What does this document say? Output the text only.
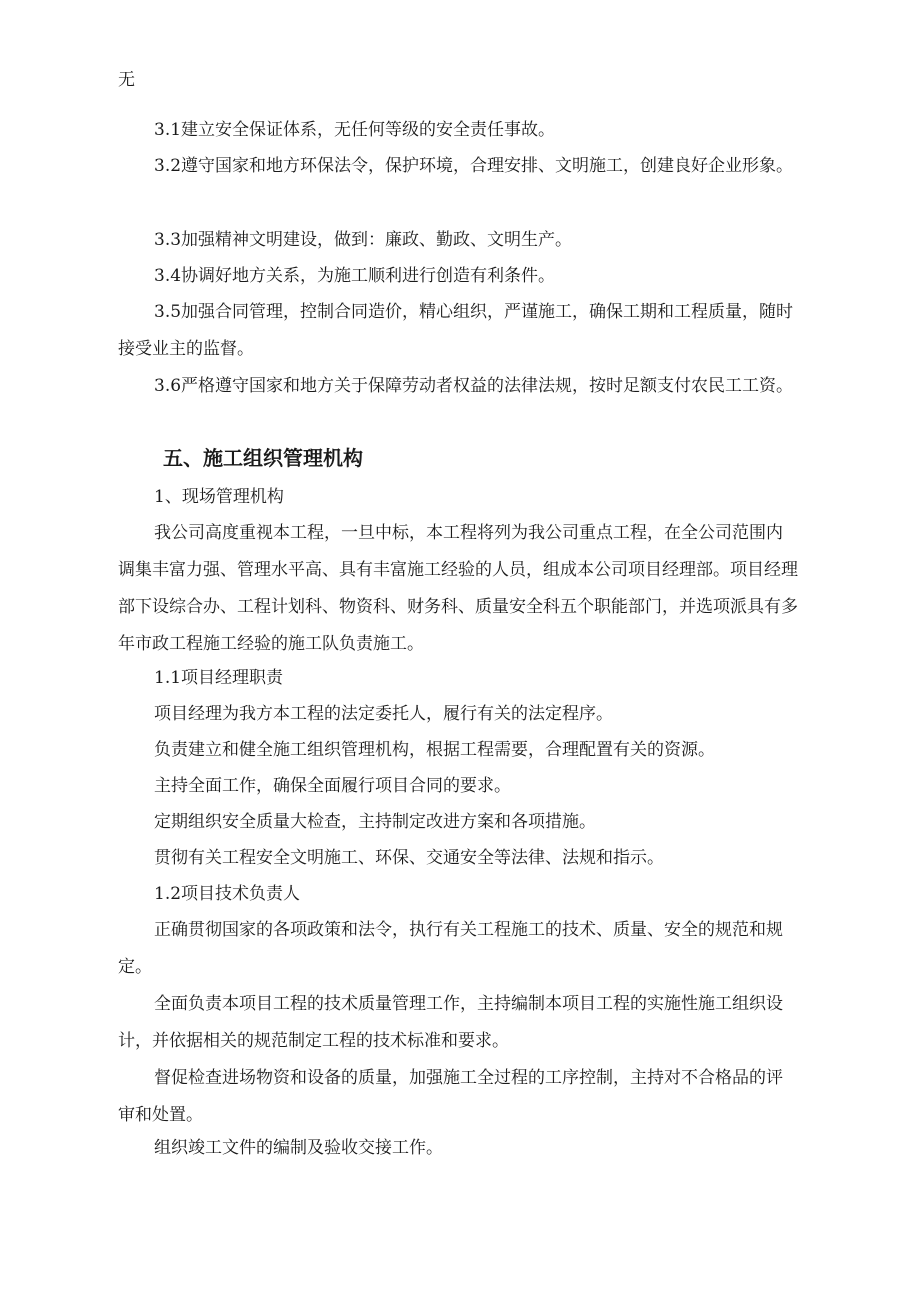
无

3.1建立安全保证体系，无任何等级的安全责任事故。

3.2遵守国家和地方环保法令，保护环境，合理安排、文明施工，创建良好企业形象。

3.3加强精神文明建设，做到：廉政、勤政、文明生产。

3.4协调好地方关系，为施工顺利进行创造有利条件。

3.5加强合同管理，控制合同造价，精心组织，严谨施工，确保工期和工程质量，随时接受业主的监督。

3.6严格遵守国家和地方关于保障劳动者权益的法律法规，按时足额支付农民工工资。

五、施工组织管理机构

1、现场管理机构

我公司高度重视本工程，一旦中标，本工程将列为我公司重点工程，在全公司范围内调集丰富力强、管理水平高、具有丰富施工经验的人员，组成本公司项目经理部。项目经理部下设综合办、工程计划科、物资科、财务科、质量安全科五个职能部门，并选项派具有多年市政工程施工经验的施工队负责施工。

1.1项目经理职责

项目经理为我方本工程的法定委托人，履行有关的法定程序。

负责建立和健全施工组织管理机构，根据工程需要，合理配置有关的资源。

主持全面工作，确保全面履行项目合同的要求。

定期组织安全质量大检查，主持制定改进方案和各项措施。

贯彻有关工程安全文明施工、环保、交通安全等法律、法规和指示。

1.2项目技术负责人

正确贯彻国家的各项政策和法令，执行有关工程施工的技术、质量、安全的规范和规定。

全面负责本项目工程的技术质量管理工作，主持编制本项目工程的实施性施工组织设计，并依据相关的规范制定工程的技术标准和要求。

督促检查进场物资和设备的质量，加强施工全过程的工序控制，主持对不合格品的评审和处置。

组织竣工文件的编制及验收交接工作。
